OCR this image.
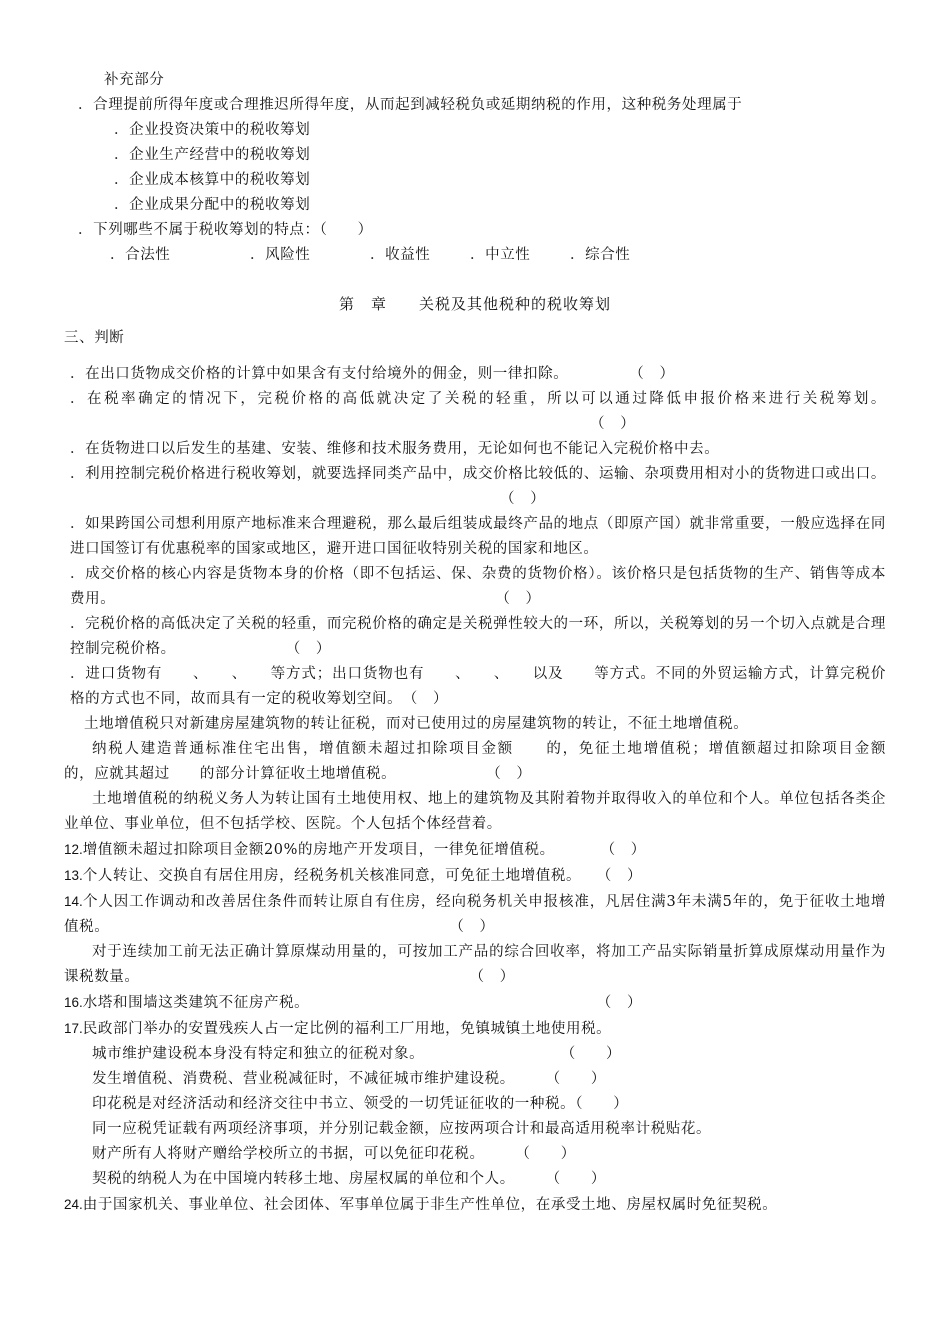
补充部分
．合理提前所得年度或合理推迟所得年度，从而起到减轻税负或延期纳税的作用，这种税务处理属于
．企业投资决策中的税收筹划
．企业生产经营中的税收筹划
．企业成本核算中的税收筹划
．企业成果分配中的税收筹划
．下列哪些不属于税收筹划的特点：（　　）
．合法性	．风险性	．收益性	．中立性	．综合性
第　章　　关税及其他税种的税收筹划
三、判断

．在出口货物成交价格的计算中如果含有支付给境外的佣金，则一律扣除。　　　　　（　）

．在税率确定的情况下，完税价格的高低就决定了关税的轻重，所以可以通过降低申报价格来进行关税筹划。（　）

．在货物进口以后发生的基建、安装、维修和技术服务费用，无论如何也不能记入完税价格中去。

．利用控制完税价格进行税收筹划，就要选择同类产品中，成交价格比较低的、运输、杂项费用相对小的货物进口或出口。（　）

．如果跨国公司想利用原产地标准来合理避税，那么最后组装成最终产品的地点（即原产国）就非常重要，一般应选择在同进口国签订有优惠税率的国家或地区，避开进口国征收特别关税的国家和地区。

．成交价格的核心内容是货物本身的价格（即不包括运、保、杂费的货物价格）。该价格只是包括货物的生产、销售等成本费用。	（　）

．完税价格的高低决定了关税的轻重，而完税价格的确定是关税弹性较大的一环，所以，关税筹划的另一个切入点就是合理控制完税价格。	（　）

．进口货物有　　、　　、　　等方式；出口货物也有　　、　　、　　以及　　等方式。不同的外贸运输方式，计算完税价格的方式也不同，故而具有一定的税收筹划空间。　（　）

土地增值税只对新建房屋建筑物的转让征税，而对已使用过的房屋建筑物的转让，不征土地增值税。

纳税人建造普通标准住宅出售，增值额未超过扣除项目金额　　的，免征土地增值税；增值额超过扣除项目金额　　的，应就其超过　　的部分计算征收土地增值税。	（　）

土地增值税的纳税义务人为转让国有土地使用权、地上的建筑物及其附着物并取得收入的单位和个人。单位包括各类企业单位、事业单位，但不包括学校、医院。个人包括个体经营着。

12.增值额未超过扣除项目金额20%的房地产开发项目，一律免征增值税。　　　　（　）

13.个人转让、交换自有居住用房，经税务机关核准同意，可免征土地增值税。　　（　）

14.个人因工作调动和改善居住条件而转让原自有住房，经向税务机关申报核准，凡居住满3年未满5年的，免于征收土地增值税。	（　）

对于连续加工前无法正确计算原煤动用量的，可按加工产品的综合回收率，将加工产品实际销量折算成原煤动用量作为课税数量。	（　）

16.水塔和围墙这类建筑不征房产税。　　　　　　　　　　　　　　　　　　　　（　）

17.民政部门举办的安置残疾人占一定比例的福利工厂用地，免镇城镇土地使用税。

城市维护建设税本身没有特定和独立的征税对象。　　　　　　　　　　（　　）

发生增值税、消费税、营业税减征时，不减征城市维护建设税。　　　（　　）

印花税是对经济活动和经济交往中书立、领受的一切凭证征收的一种税。（　　）

同一应税凭证载有两项经济事项，并分别记载金额，应按两项合计和最高适用税率计税贴花。

财产所有人将财产赠给学校所立的书据，可以免征印花税。　　　（　　）

契税的纳税人为在中国境内转移土地、房屋权属的单位和个人。　　　（　　）

24.由于国家机关、事业单位、社会团体、军事单位属于非生产性单位，在承受土地、房屋权属时免征契税。
